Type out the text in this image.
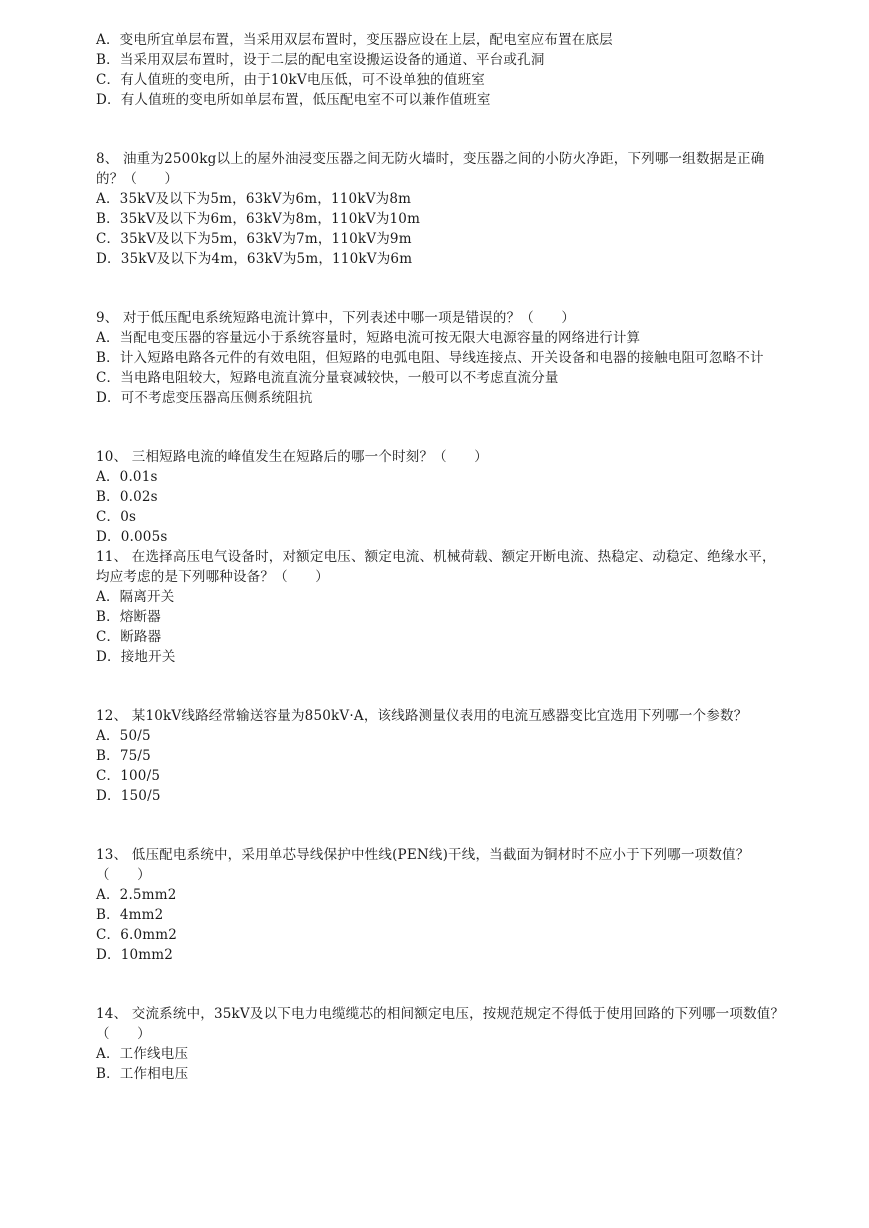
A．变电所宜单层布置，当采用双层布置时，变压器应设在上层，配电室应布置在底层
B．当采用双层布置时，设于二层的配电室设搬运设备的通道、平台或孔洞
C．有人值班的变电所，由于10kV电压低，可不设单独的值班室
D．有人值班的变电所如单层布置，低压配电室不可以兼作值班室
8、 油重为2500kg以上的屋外油浸变压器之间无防火墙时，变压器之间的小防火净距，下列哪一组数据是正确的？（　　）
A．35kV及以下为5m，63kV为6m，110kV为8m
B．35kV及以下为6m，63kV为8m，110kV为10m
C．35kV及以下为5m，63kV为7m，110kV为9m
D．35kV及以下为4m，63kV为5m，110kV为6m
9、 对于低压配电系统短路电流计算中，下列表述中哪一项是错误的？（　　）
A．当配电变压器的容量远小于系统容量时，短路电流可按无限大电源容量的网络进行计算
B．计入短路电路各元件的有效电阻，但短路的电弧电阻、导线连接点、开关设备和电器的接触电阻可忽略不计
C．当电路电阻较大，短路电流直流分量衰减较快，一般可以不考虑直流分量
D．可不考虑变压器高压侧系统阻抗
10、 三相短路电流的峰值发生在短路后的哪一个时刻？（　　）
A．0.01s
B．0.02s
C．0s
D．0.005s
11、 在选择高压电气设备时，对额定电压、额定电流、机械荷载、额定开断电流、热稳定、动稳定、绝缘水平，均应考虑的是下列哪种设备？（　　）
A．隔离开关
B．熔断器
C．断路器
D．接地开关
12、 某10kV线路经常输送容量为850kV·A，该线路测量仪表用的电流互感器变比宜选用下列哪一个参数？
A．50/5
B．75/5
C．100/5
D．150/5
13、 低压配电系统中，采用单芯导线保护中性线(PEN线)干线，当截面为铜材时不应小于下列哪一项数值？（　　）
A．2.5mm2
B．4mm2
C．6.0mm2
D．10mm2
14、 交流系统中，35kV及以下电力电缆缆芯的相间额定电压，按规范规定不得低于使用回路的下列哪一项数值？（　　）
A．工作线电压
B．工作相电压
